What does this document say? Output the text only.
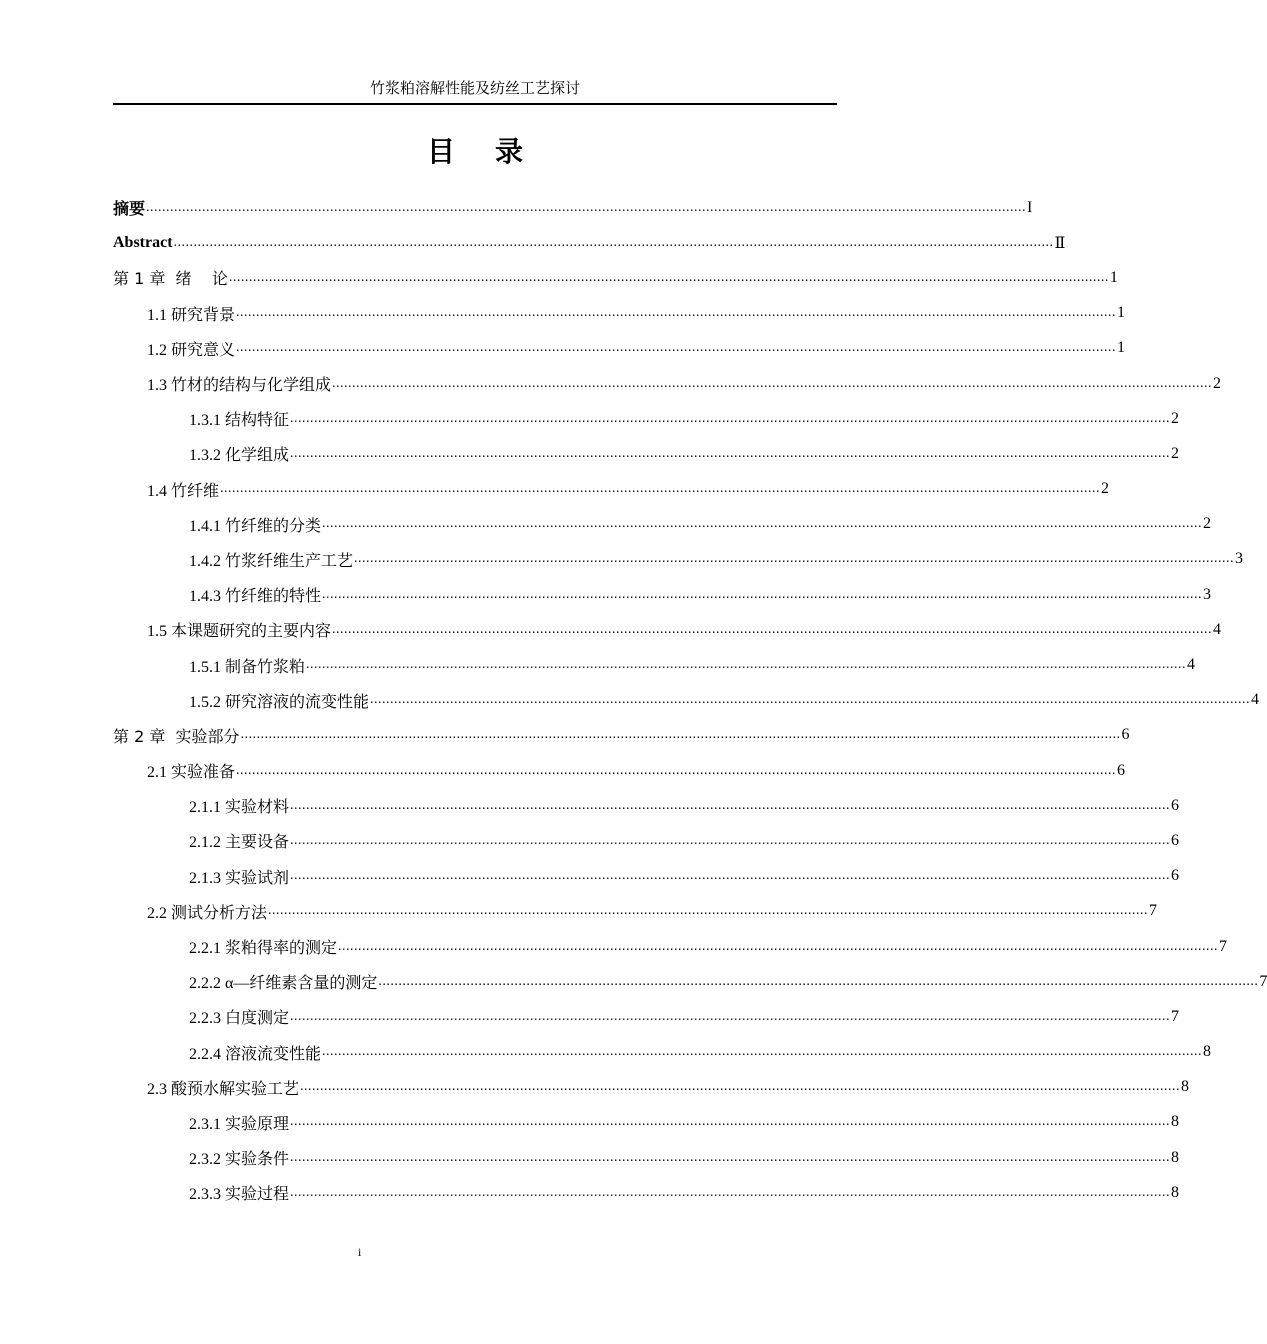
竹浆粕溶解性能及纺丝工艺探讨
目录
摘要 ............................................................................................................................................................................................................................ I
Abstract ............................................................................................................................................................................................................................ Ⅱ
第 1 章  绪    论 ............................................................................................................................................................................................................................ 1
1.1 研究背景 ............................................................................................................................................................................................................................ 1
1.2 研究意义 ............................................................................................................................................................................................................................ 1
1.3 竹材的结构与化学组成 ............................................................................................................................................................................................................................ 2
1.3.1 结构特征 ............................................................................................................................................................................................................................ 2
1.3.2 化学组成 ............................................................................................................................................................................................................................ 2
1.4 竹纤维 ............................................................................................................................................................................................................................ 2
1.4.1 竹纤维的分类 ............................................................................................................................................................................................................................ 2
1.4.2 竹浆纤维生产工艺 ............................................................................................................................................................................................................................ 3
1.4.3 竹纤维的特性 ............................................................................................................................................................................................................................ 3
1.5 本课题研究的主要内容 ............................................................................................................................................................................................................................ 4
1.5.1 制备竹浆粕 ............................................................................................................................................................................................................................ 4
1.5.2 研究溶液的流变性能 ............................................................................................................................................................................................................................ 4
第 2 章  实验部分 ............................................................................................................................................................................................................................ 6
2.1 实验准备 ............................................................................................................................................................................................................................ 6
2.1.1 实验材料 ............................................................................................................................................................................................................................ 6
2.1.2 主要设备 ............................................................................................................................................................................................................................ 6
2.1.3 实验试剂 ............................................................................................................................................................................................................................ 6
2.2 测试分析方法 ............................................................................................................................................................................................................................ 7
2.2.1 浆粕得率的测定 ............................................................................................................................................................................................................................ 7
2.2.2 α—纤维素含量的测定 ............................................................................................................................................................................................................................ 7
2.2.3 白度测定 ............................................................................................................................................................................................................................ 7
2.2.4 溶液流变性能 ............................................................................................................................................................................................................................ 8
2.3 酸预水解实验工艺 ............................................................................................................................................................................................................................ 8
2.3.1 实验原理 ............................................................................................................................................................................................................................ 8
2.3.2 实验条件 ............................................................................................................................................................................................................................ 8
2.3.3 实验过程 ............................................................................................................................................................................................................................ 8
i
